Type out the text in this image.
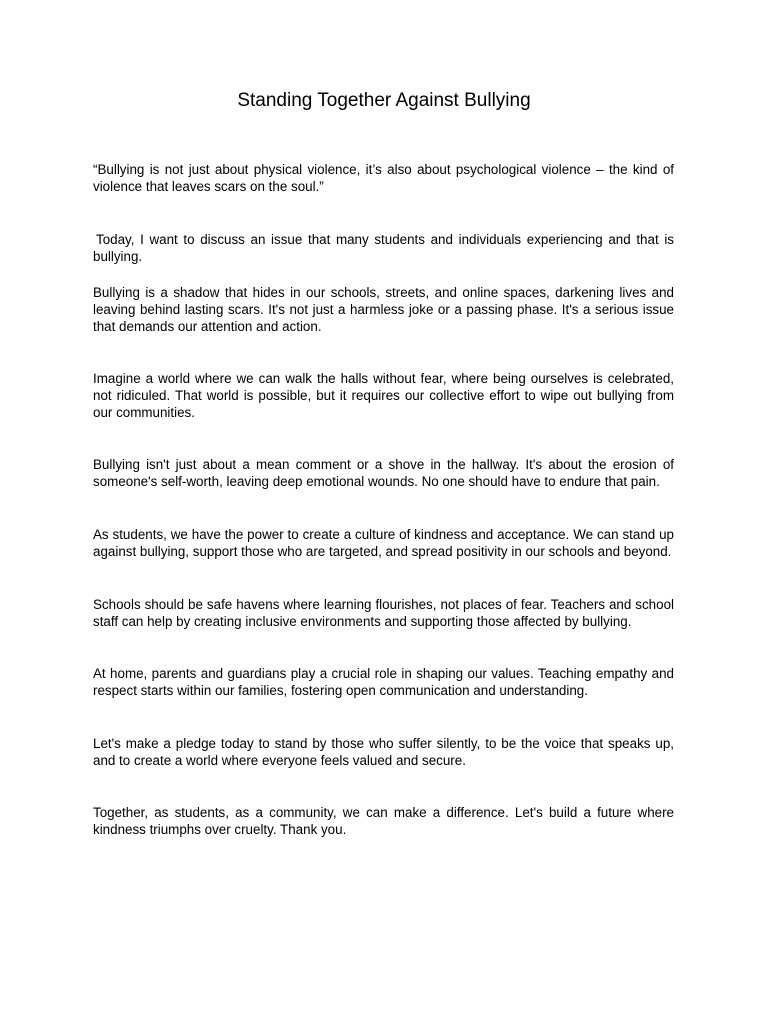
Standing Together Against Bullying

“Bullying is not just about physical violence, it’s also about psychological violence – the kind of violence that leaves scars on the soul.”

Today, I want to discuss an issue that many students and individuals experiencing and that is bullying.

Bullying is a shadow that hides in our schools, streets, and online spaces, darkening lives and leaving behind lasting scars. It's not just a harmless joke or a passing phase. It's a serious issue that demands our attention and action.

Imagine a world where we can walk the halls without fear, where being ourselves is celebrated, not ridiculed. That world is possible, but it requires our collective effort to wipe out bullying from our communities.

Bullying isn't just about a mean comment or a shove in the hallway. It's about the erosion of someone's self-worth, leaving deep emotional wounds. No one should have to endure that pain.

As students, we have the power to create a culture of kindness and acceptance. We can stand up against bullying, support those who are targeted, and spread positivity in our schools and beyond.

Schools should be safe havens where learning flourishes, not places of fear. Teachers and school staff can help by creating inclusive environments and supporting those affected by bullying.

At home, parents and guardians play a crucial role in shaping our values. Teaching empathy and respect starts within our families, fostering open communication and understanding.

Let's make a pledge today to stand by those who suffer silently, to be the voice that speaks up, and to create a world where everyone feels valued and secure.

Together, as students, as a community, we can make a difference. Let's build a future where kindness triumphs over cruelty. Thank you.
